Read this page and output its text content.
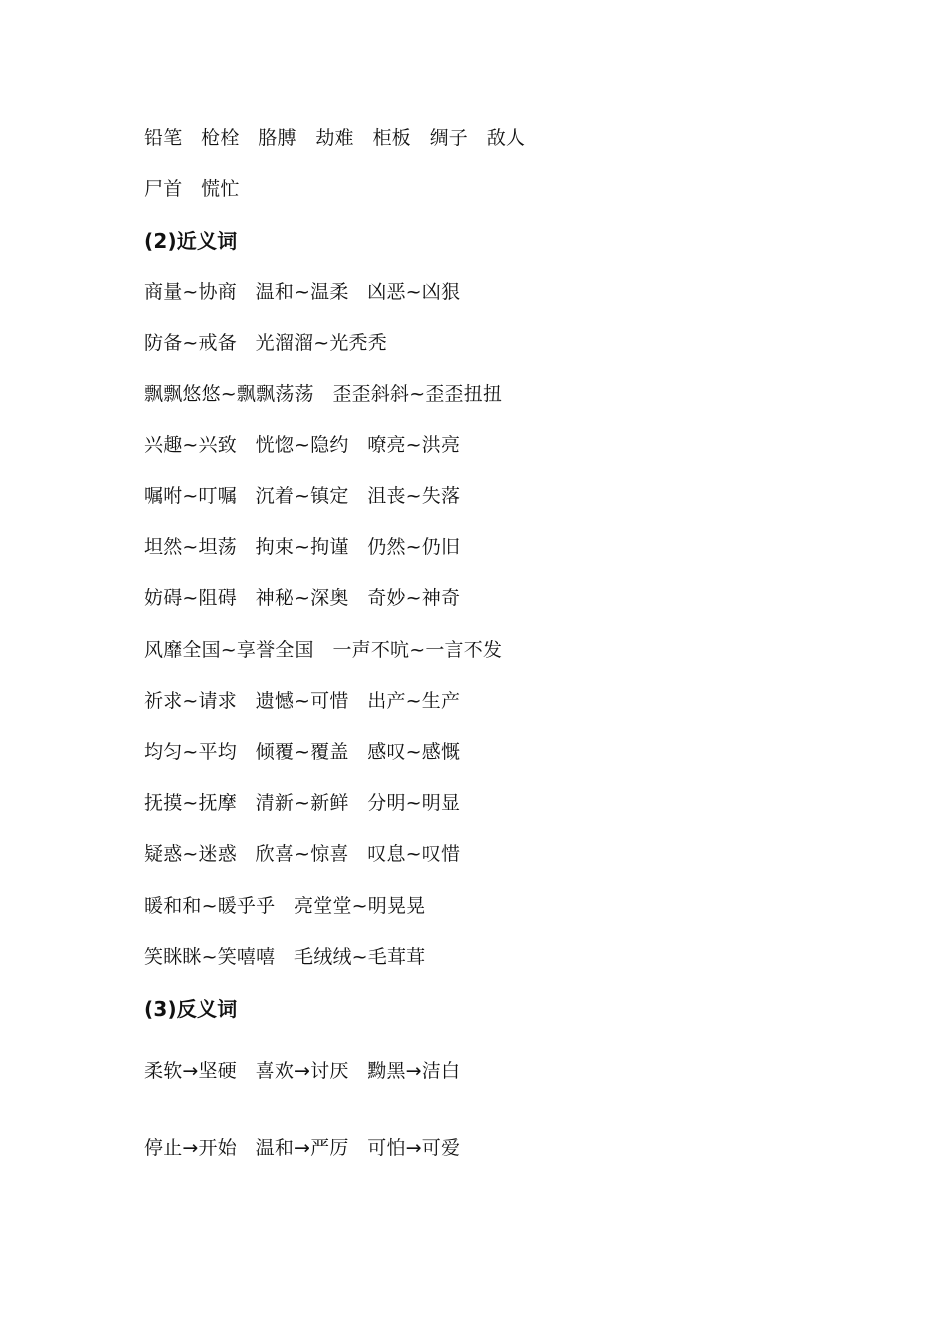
铅笔   枪栓   胳膊   劫难   柜板   绸子   敌人
尸首   慌忙
(2)近义词
商量~协商   温和~温柔   凶恶~凶狠
防备~戒备   光溜溜~光秃秃
飘飘悠悠~飘飘荡荡   歪歪斜斜~歪歪扭扭
兴趣~兴致   恍惚~隐约   嘹亮~洪亮
嘱咐~叮嘱   沉着~镇定   沮丧~失落
坦然~坦荡   拘束~拘谨   仍然~仍旧
妨碍~阻碍   神秘~深奥   奇妙~神奇
风靡全国~享誉全国   一声不吭~一言不发
祈求~请求   遗憾~可惜   出产~生产
均匀~平均   倾覆~覆盖   感叹~感慨
抚摸~抚摩   清新~新鲜   分明~明显
疑惑~迷惑   欣喜~惊喜   叹息~叹惜
暖和和~暖乎乎   亮堂堂~明晃晃
笑眯眯~笑嘻嘻   毛绒绒~毛茸茸
(3)反义词
柔软→坚硬   喜欢→讨厌   黝黑→洁白
停止→开始   温和→严厉   可怕→可爱
